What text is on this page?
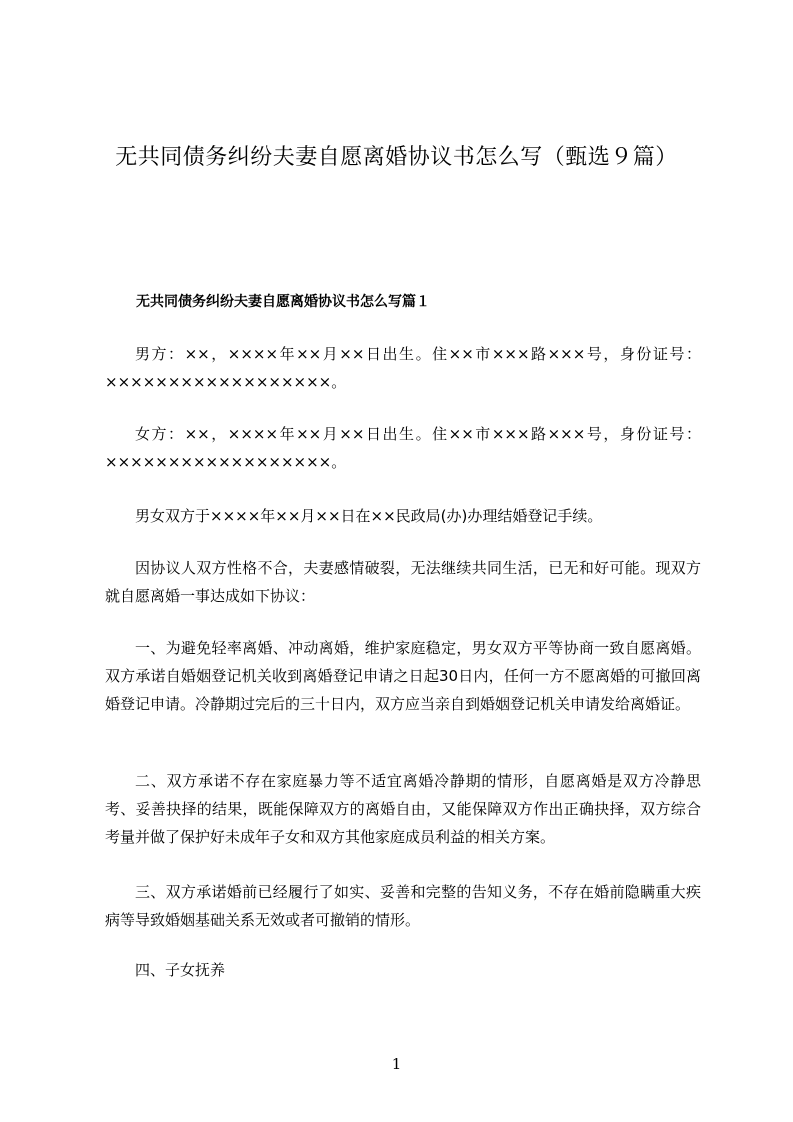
无共同债务纠纷夫妻自愿离婚协议书怎么写（甄选９篇）
无共同债务纠纷夫妻自愿离婚协议书怎么写篇１

男方：××，××××年××月××日出生。住××市×××路×××号，身份证号：××××××××××××××××××。

女方：××，××××年××月××日出生。住××市×××路×××号，身份证号：××××××××××××××××××。

男女双方于××××年××月××日在××民政局(办)办理结婚登记手续。

因协议人双方性格不合，夫妻感情破裂，无法继续共同生活，已无和好可能。现双方就自愿离婚一事达成如下协议：

一、为避免轻率离婚、冲动离婚，维护家庭稳定，男女双方平等协商一致自愿离婚。双方承诺自婚姻登记机关收到离婚登记申请之日起30日内，任何一方不愿离婚的可撤回离婚登记申请。冷静期过完后的三十日内，双方应当亲自到婚姻登记机关申请发给离婚证。

二、双方承诺不存在家庭暴力等不适宜离婚冷静期的情形，自愿离婚是双方冷静思考、妥善抉择的结果，既能保障双方的离婚自由，又能保障双方作出正确抉择，双方综合考量并做了保护好未成年子女和双方其他家庭成员利益的相关方案。

三、双方承诺婚前已经履行了如实、妥善和完整的告知义务，不存在婚前隐瞒重大疾病等导致婚姻基础关系无效或者可撤销的情形。

四、子女抚养

1
